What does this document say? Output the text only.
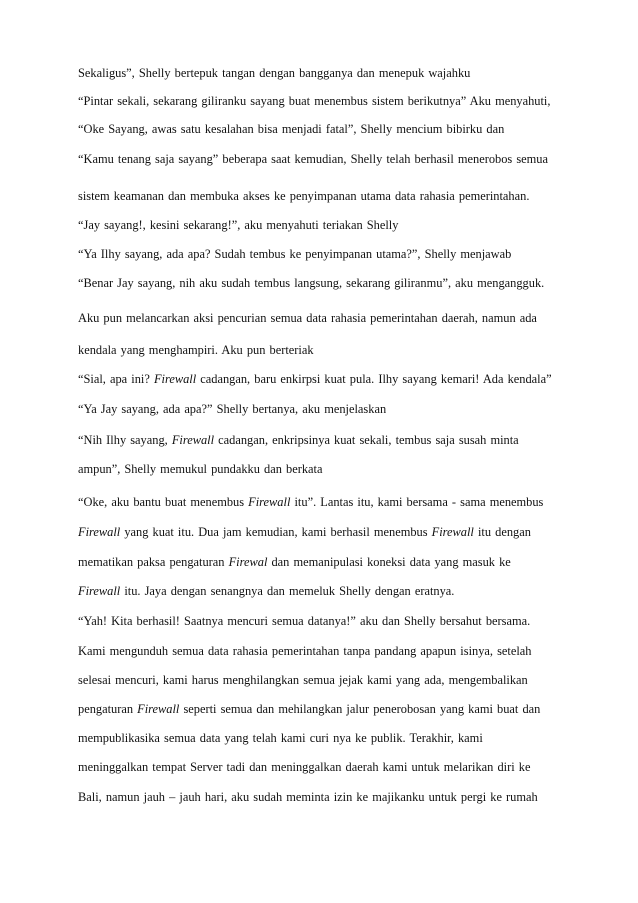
Sekaligus”, Shelly bertepuk tangan dengan bangganya dan menepuk wajahku
“Pintar sekali, sekarang giliranku sayang buat menembus sistem berikutnya” Aku menyahuti,
“Oke Sayang, awas satu kesalahan bisa menjadi fatal”, Shelly mencium bibirku dan
“Kamu tenang saja sayang” beberapa saat kemudian, Shelly telah berhasil menerobos semua
sistem keamanan dan membuka akses ke penyimpanan utama data rahasia pemerintahan.
“Jay sayang!, kesini sekarang!”, aku menyahuti teriakan Shelly
“Ya Ilhy sayang, ada apa? Sudah tembus ke penyimpanan utama?”, Shelly menjawab
“Benar Jay sayang, nih aku sudah tembus langsung, sekarang giliranmu”, aku mengangguk.
Aku pun melancarkan aksi pencurian semua data rahasia pemerintahan daerah, namun ada
kendala yang menghampiri. Aku pun berteriak
“Sial, apa ini? Firewall cadangan, baru enkirpsi kuat pula. Ilhy sayang kemari! Ada kendala”
“Ya Jay sayang, ada apa?” Shelly bertanya, aku menjelaskan
“Nih Ilhy sayang, Firewall cadangan, enkripsinya kuat sekali, tembus saja susah minta
ampun”, Shelly memukul pundakku dan berkata
“Oke, aku bantu buat menembus Firewall itu”. Lantas itu, kami bersama - sama menembus
Firewall yang kuat itu. Dua jam kemudian, kami berhasil menembus Firewall itu dengan
mematikan paksa pengaturan Firewal dan memanipulasi koneksi data yang masuk ke
Firewall itu. Jaya dengan senangnya dan memeluk Shelly dengan eratnya.
“Yah! Kita berhasil! Saatnya mencuri semua datanya!” aku dan Shelly bersahut bersama.
Kami mengunduh semua data rahasia pemerintahan tanpa pandang apapun isinya, setelah
selesai mencuri, kami harus menghilangkan semua jejak kami yang ada, mengembalikan
pengaturan Firewall seperti semua dan mehilangkan jalur penerobosan yang kami buat dan
mempublikasika semua data yang telah kami curi nya ke publik. Terakhir, kami
meninggalkan tempat Server tadi dan meninggalkan daerah kami untuk melarikan diri ke
Bali, namun jauh – jauh hari, aku sudah meminta izin ke majikanku untuk pergi ke rumah
